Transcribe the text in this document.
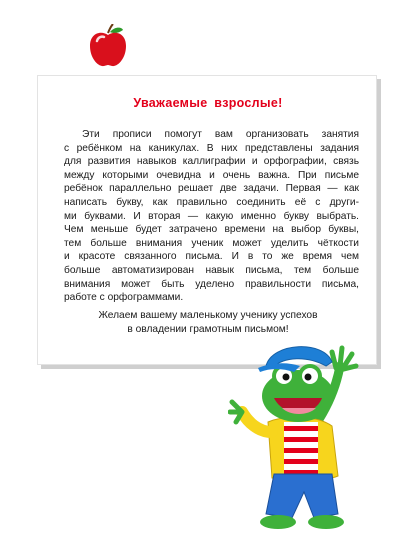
Уважаемые взрослые!
Эти прописи помогут вам организовать занятия
с ребёнком на каникулах. В них представлены задания
для развития навыков каллиграфии и орфографии, связь
между которыми очевидна и очень важна. При письме
ребёнок параллельно решает две задачи. Первая — как
написать букву, как правильно соединить её с други-
ми буквами. И вторая — какую именно букву выбрать.
Чем меньше будет затрачено времени на выбор буквы,
тем больше внимания ученик может уделить чёткости
и красоте связанного письма. И в то же время чем
больше автоматизирован навык письма, тем больше
внимания может быть уделено правильности письма,
работе с орфограммами.
Желаем вашему маленькому ученику успехов
в овладении грамотным письмом!
